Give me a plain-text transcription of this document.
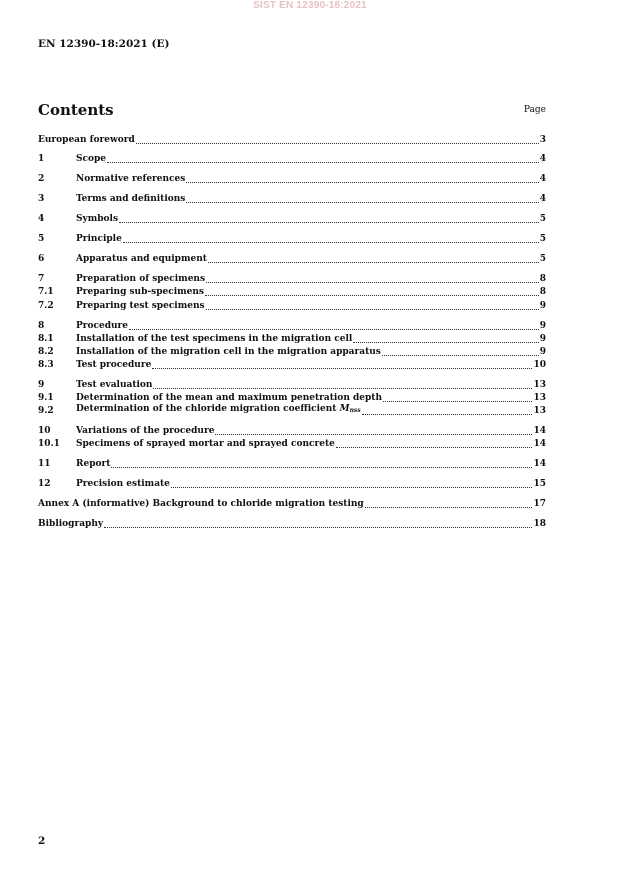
SIST EN 12390-18:2021
EN 12390-18:2021 (E)
Contents	Page
European foreword	3
1	Scope	4
2	Normative references	4
3	Terms and definitions	4
4	Symbols	5
5	Principle	5
6	Apparatus and equipment	5
7	Preparation of specimens	8
7.1	Preparing sub-specimens	8
7.2	Preparing test specimens	9
8	Procedure	9
8.1	Installation of the test specimens in the migration cell	9
8.2	Installation of the migration cell in the migration apparatus	9
8.3	Test procedure	10
9	Test evaluation	13
9.1	Determination of the mean and maximum penetration depth	13
9.2	Determination of the chloride migration coefficient $M_{nss}$	13
10	Variations of the procedure	14
10.1	Specimens of sprayed mortar and sprayed concrete	14
11	Report	14
12	Precision estimate	15
Annex A (informative) Background to chloride migration testing	17
Bibliography	18
2
